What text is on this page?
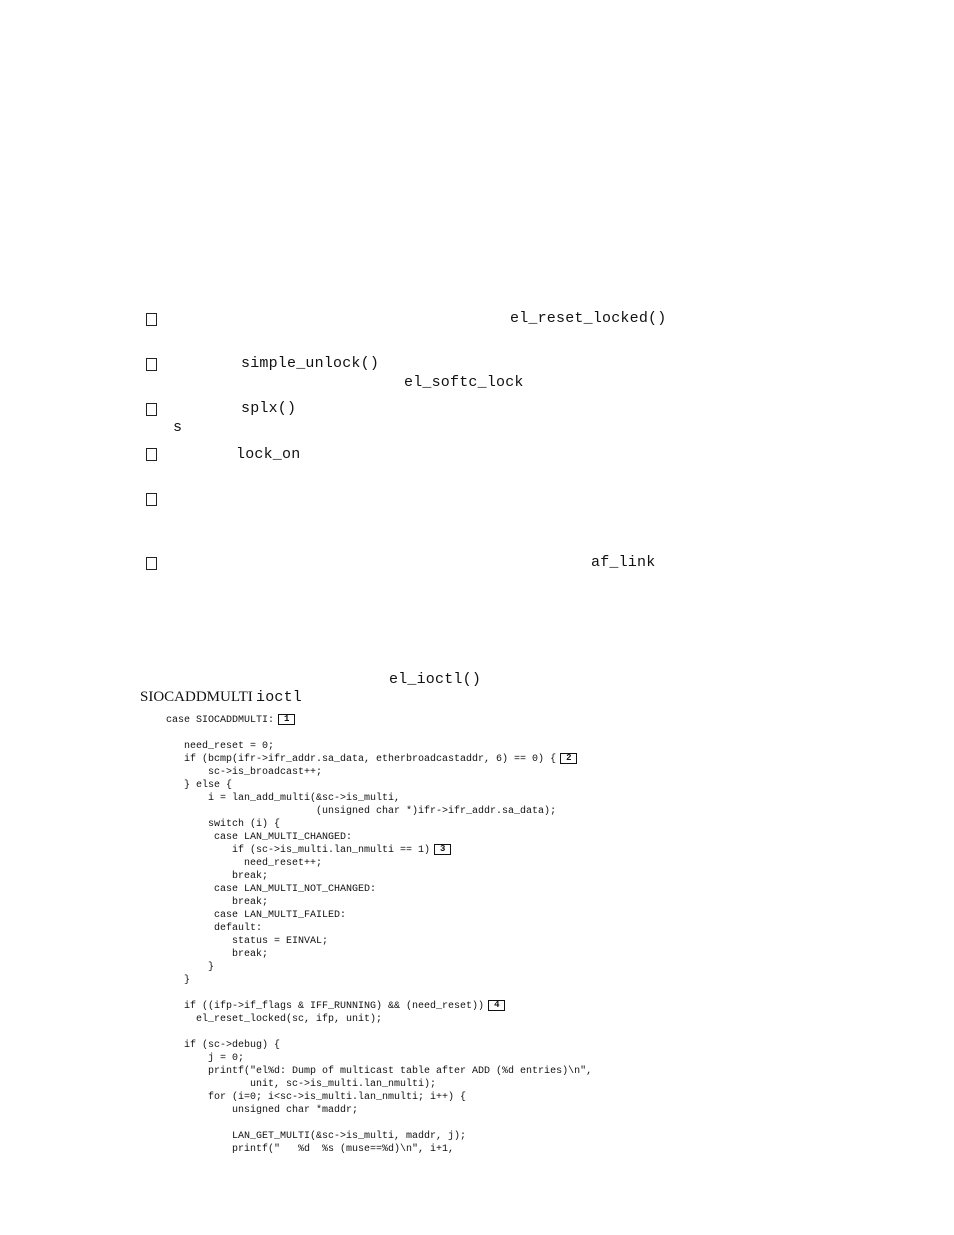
el_reset_locked()
simple_unlock()
el_softc_lock
splx()
s
lock_on
af_link
el_ioctl()
SIOCADDMULTI ioctl
case SIOCADDMULTI: 1
need_reset = 0;
if (bcmp(ifr->ifr_addr.sa_data, etherbroadcastaddr, 6) == 0) { 2
sc->is_broadcast++;
} else {
i = lan_add_multi(&sc->is_multi,
(unsigned char *)ifr->ifr_addr.sa_data);
switch (i) {
case LAN_MULTI_CHANGED:
if (sc->is_multi.lan_nmulti == 1) 3
need_reset++;
break;
case LAN_MULTI_NOT_CHANGED:
break;
case LAN_MULTI_FAILED:
default:
status = EINVAL;
break;
}
}
if ((ifp->if_flags & IFF_RUNNING) && (need_reset)) 4
el_reset_locked(sc, ifp, unit);
if (sc->debug) {
j = 0;
printf("el%d: Dump of multicast table after ADD (%d entries)\n",
unit, sc->is_multi.lan_nmulti);
for (i=0; i<sc->is_multi.lan_nmulti; i++) {
unsigned char *maddr;
LAN_GET_MULTI(&sc->is_multi, maddr, j);
printf("   %d  %s (muse==%d)\n", i+1,
